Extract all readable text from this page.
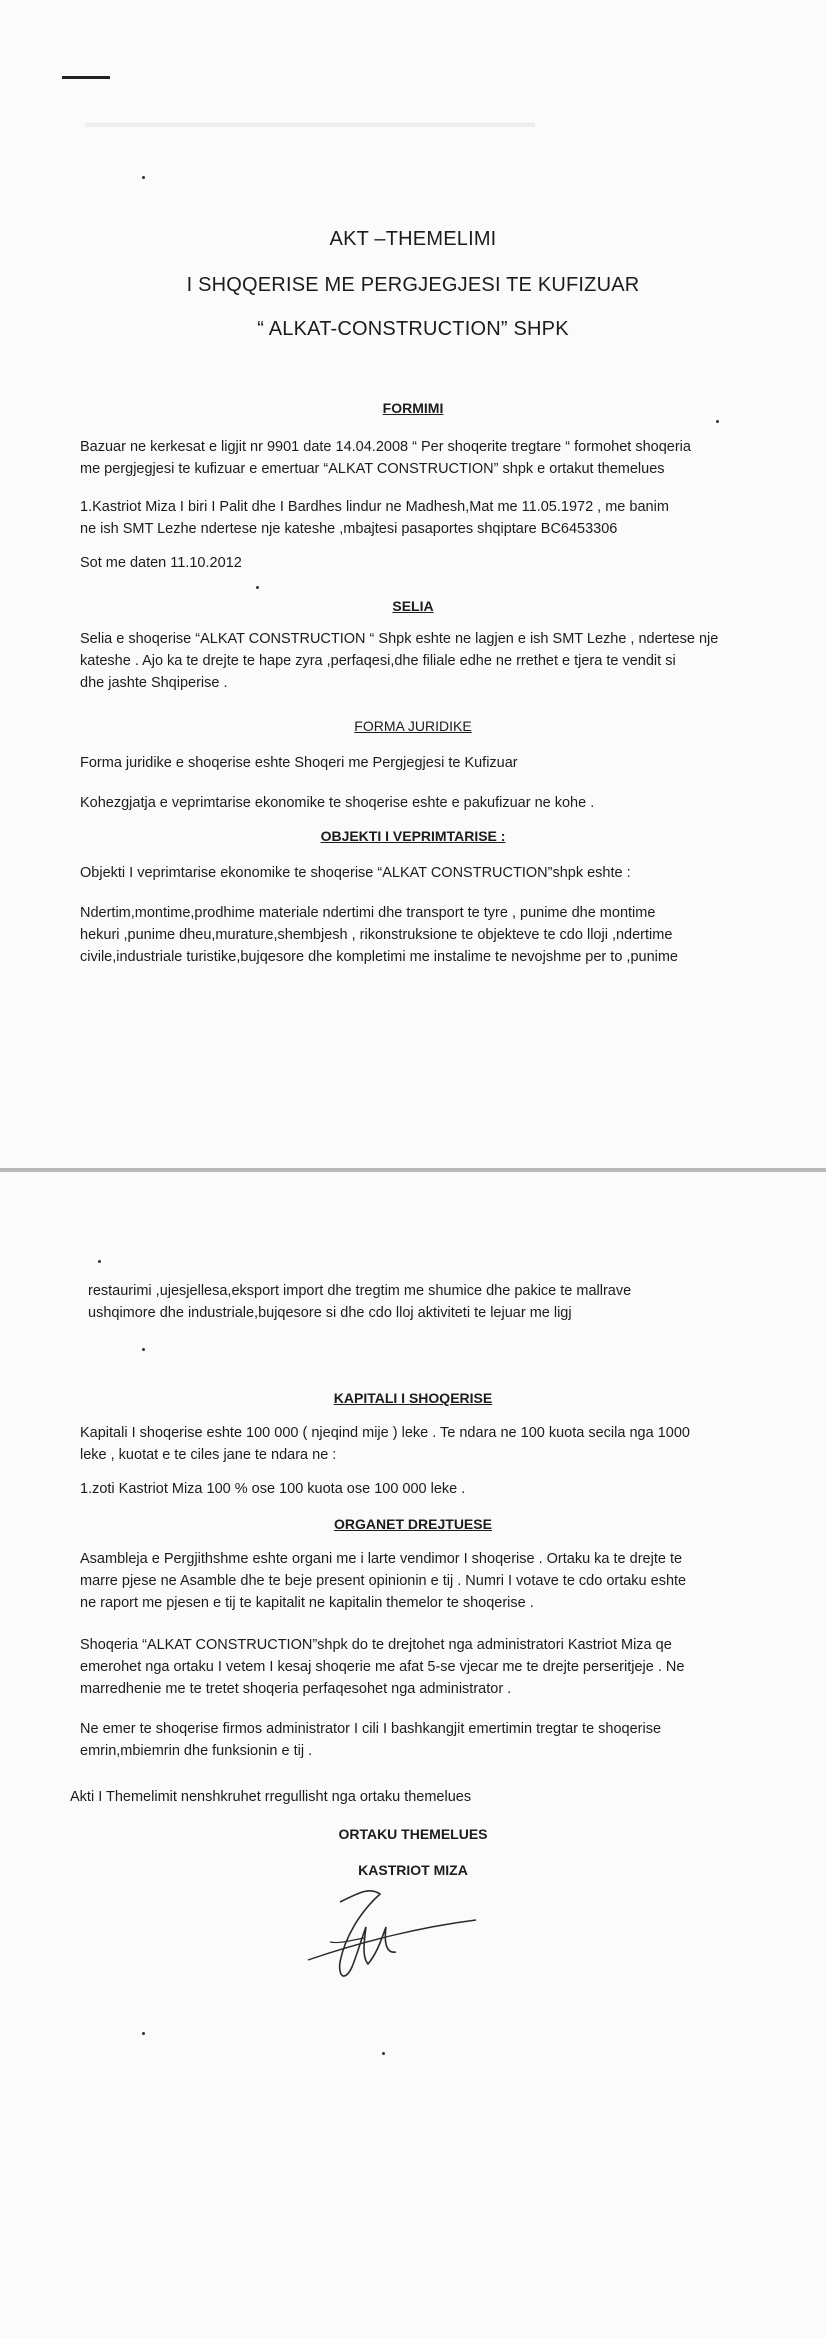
▬▬▬▬▬▬▬▬▬▬▬▬▬▬▬▬▬▬▬▬▬▬▬▬▬▬▬▬▬▬
AKT –THEMELIMI
I SHQQERISE ME PERGJEGJESI TE KUFIZUAR
“ ALKAT-CONSTRUCTION” SHPK
FORMIMI
Bazuar ne kerkesat e ligjit nr 9901 date 14.04.2008 “ Per shoqerite tregtare “ formohet shoqeria
me pergjegjesi te kufizuar e emertuar “ALKAT CONSTRUCTION” shpk e ortakut themelues
1.Kastriot Miza I biri I Palit dhe I Bardhes lindur ne Madhesh,Mat me 11.05.1972 , me banim
ne ish SMT Lezhe ndertese nje kateshe ,mbajtesi pasaportes shqiptare BC6453306
Sot me daten 11.10.2012
SELIA
Selia e shoqerise “ALKAT CONSTRUCTION “ Shpk eshte ne lagjen e ish SMT Lezhe , ndertese nje
kateshe . Ajo ka te drejte te hape zyra ,perfaqesi,dhe filiale edhe ne rrethet e tjera te vendit si
dhe jashte Shqiperise .
FORMA JURIDIKE
Forma juridike e shoqerise eshte Shoqeri me Pergjegjesi te Kufizuar
Kohezgjatja e veprimtarise ekonomike te shoqerise eshte e pakufizuar ne kohe .
OBJEKTI I VEPRIMTARISE :
Objekti I veprimtarise ekonomike te shoqerise “ALKAT CONSTRUCTION”shpk eshte :
Ndertim,montime,prodhime materiale ndertimi dhe transport te tyre , punime dhe montime
hekuri ,punime dheu,murature,shembjesh , rikonstruksione te objekteve te cdo lloji ,ndertime
civile,industriale turistike,bujqesore dhe kompletimi me instalime te nevojshme per to ,punime
restaurimi ,ujesjellesa,eksport import dhe tregtim me shumice dhe pakice te mallrave
ushqimore dhe industriale,bujqesore si dhe cdo lloj aktiviteti te lejuar me ligj
KAPITALI I SHOQERISE
Kapitali I shoqerise eshte 100 000 ( njeqind mije ) leke . Te ndara ne 100 kuota secila nga 1000
leke , kuotat e te ciles jane te ndara ne :
1.zoti Kastriot Miza 100 % ose 100 kuota ose 100 000 leke .
ORGANET DREJTUESE
Asambleja e Pergjithshme eshte organi me i larte vendimor I shoqerise . Ortaku ka te drejte te
marre pjese ne Asamble dhe te beje present opinionin e tij . Numri I votave te cdo ortaku eshte
ne raport me pjesen e tij te kapitalit ne kapitalin themelor te shoqerise .
Shoqeria “ALKAT CONSTRUCTION”shpk do te drejtohet nga administratori Kastriot Miza qe
emerohet nga ortaku I vetem I kesaj shoqerie me afat 5-se vjecar me te drejte perseritjeje . Ne
marredhenie me te tretet shoqeria perfaqesohet nga administrator .
Ne emer te shoqerise firmos administrator I cili I bashkangjit emertimin tregtar te shoqerise
emrin,mbiemrin dhe funksionin e tij .
Akti I Themelimit nenshkruhet rregullisht nga ortaku themelues
ORTAKU THEMELUES
KASTRIOT MIZA
